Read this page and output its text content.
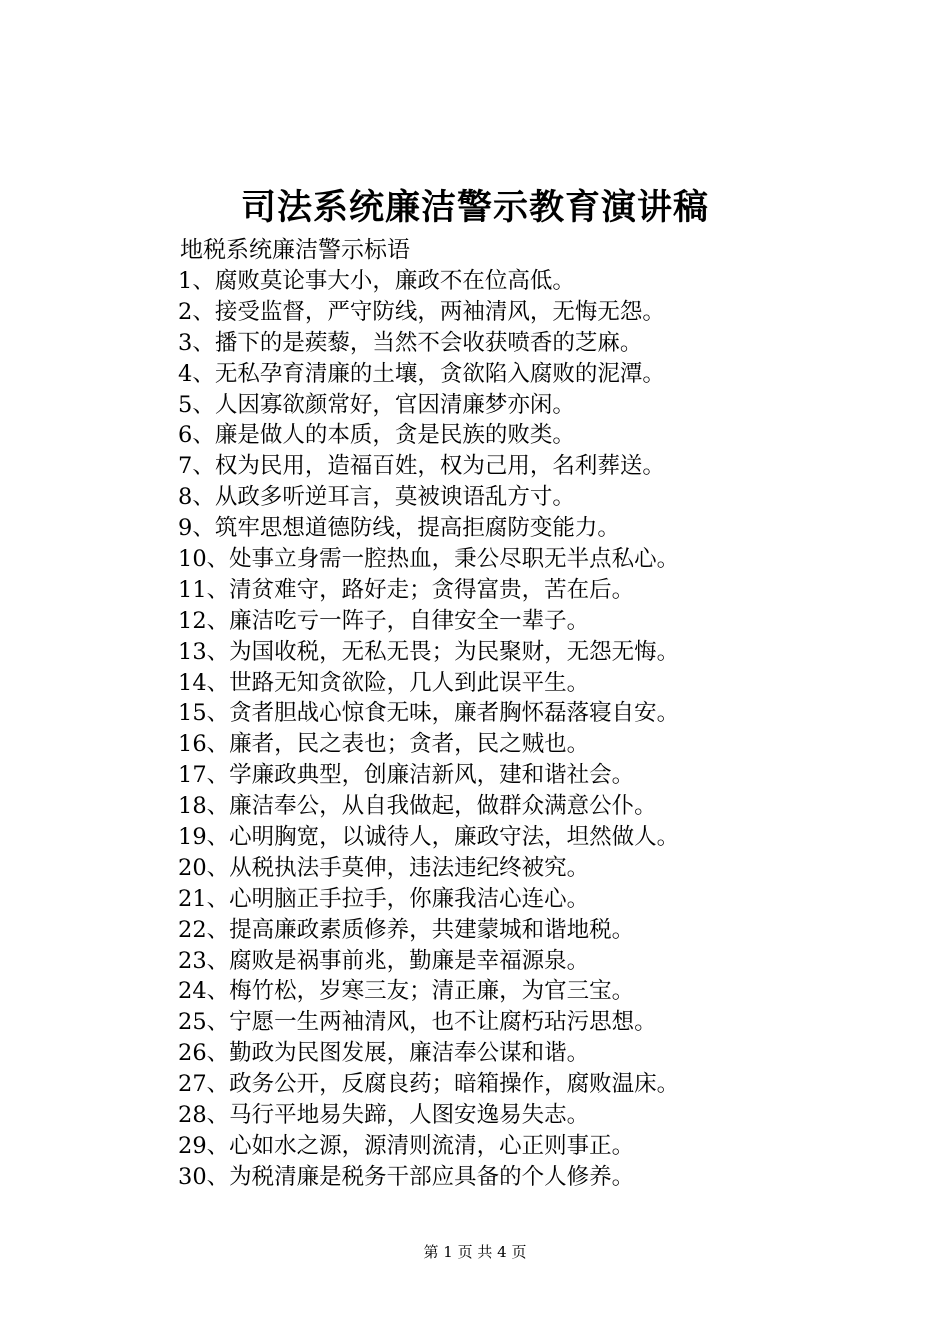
司法系统廉洁警示教育演讲稿
地税系统廉洁警示标语
1、腐败莫论事大小，廉政不在位高低。
2、接受监督，严守防线，两袖清风，无悔无怨。
3、播下的是蒺藜，当然不会收获喷香的芝麻。
4、无私孕育清廉的土壤，贪欲陷入腐败的泥潭。
5、人因寡欲颜常好，官因清廉梦亦闲。
6、廉是做人的本质，贪是民族的败类。
7、权为民用，造福百姓，权为己用，名利葬送。
8、从政多听逆耳言，莫被谀语乱方寸。
9、筑牢思想道德防线，提高拒腐防变能力。
10、处事立身需一腔热血，秉公尽职无半点私心。
11、清贫难守，路好走；贪得富贵，苦在后。
12、廉洁吃亏一阵子，自律安全一辈子。
13、为国收税，无私无畏；为民聚财，无怨无悔。
14、世路无知贪欲险，几人到此误平生。
15、贪者胆战心惊食无味，廉者胸怀磊落寝自安。
16、廉者，民之表也；贪者，民之贼也。
17、学廉政典型，创廉洁新风，建和谐社会。
18、廉洁奉公，从自我做起，做群众满意公仆。
19、心明胸宽，以诚待人，廉政守法，坦然做人。
20、从税执法手莫伸，违法违纪终被究。
21、心明脑正手拉手，你廉我洁心连心。
22、提高廉政素质修养，共建蒙城和谐地税。
23、腐败是祸事前兆，勤廉是幸福源泉。
24、梅竹松，岁寒三友；清正廉，为官三宝。
25、宁愿一生两袖清风，也不让腐朽玷污思想。
26、勤政为民图发展，廉洁奉公谋和谐。
27、政务公开，反腐良药；暗箱操作，腐败温床。
28、马行平地易失蹄，人图安逸易失志。
29、心如水之源，源清则流清，心正则事正。
30、为税清廉是税务干部应具备的个人修养。
第 1 页 共 4 页
